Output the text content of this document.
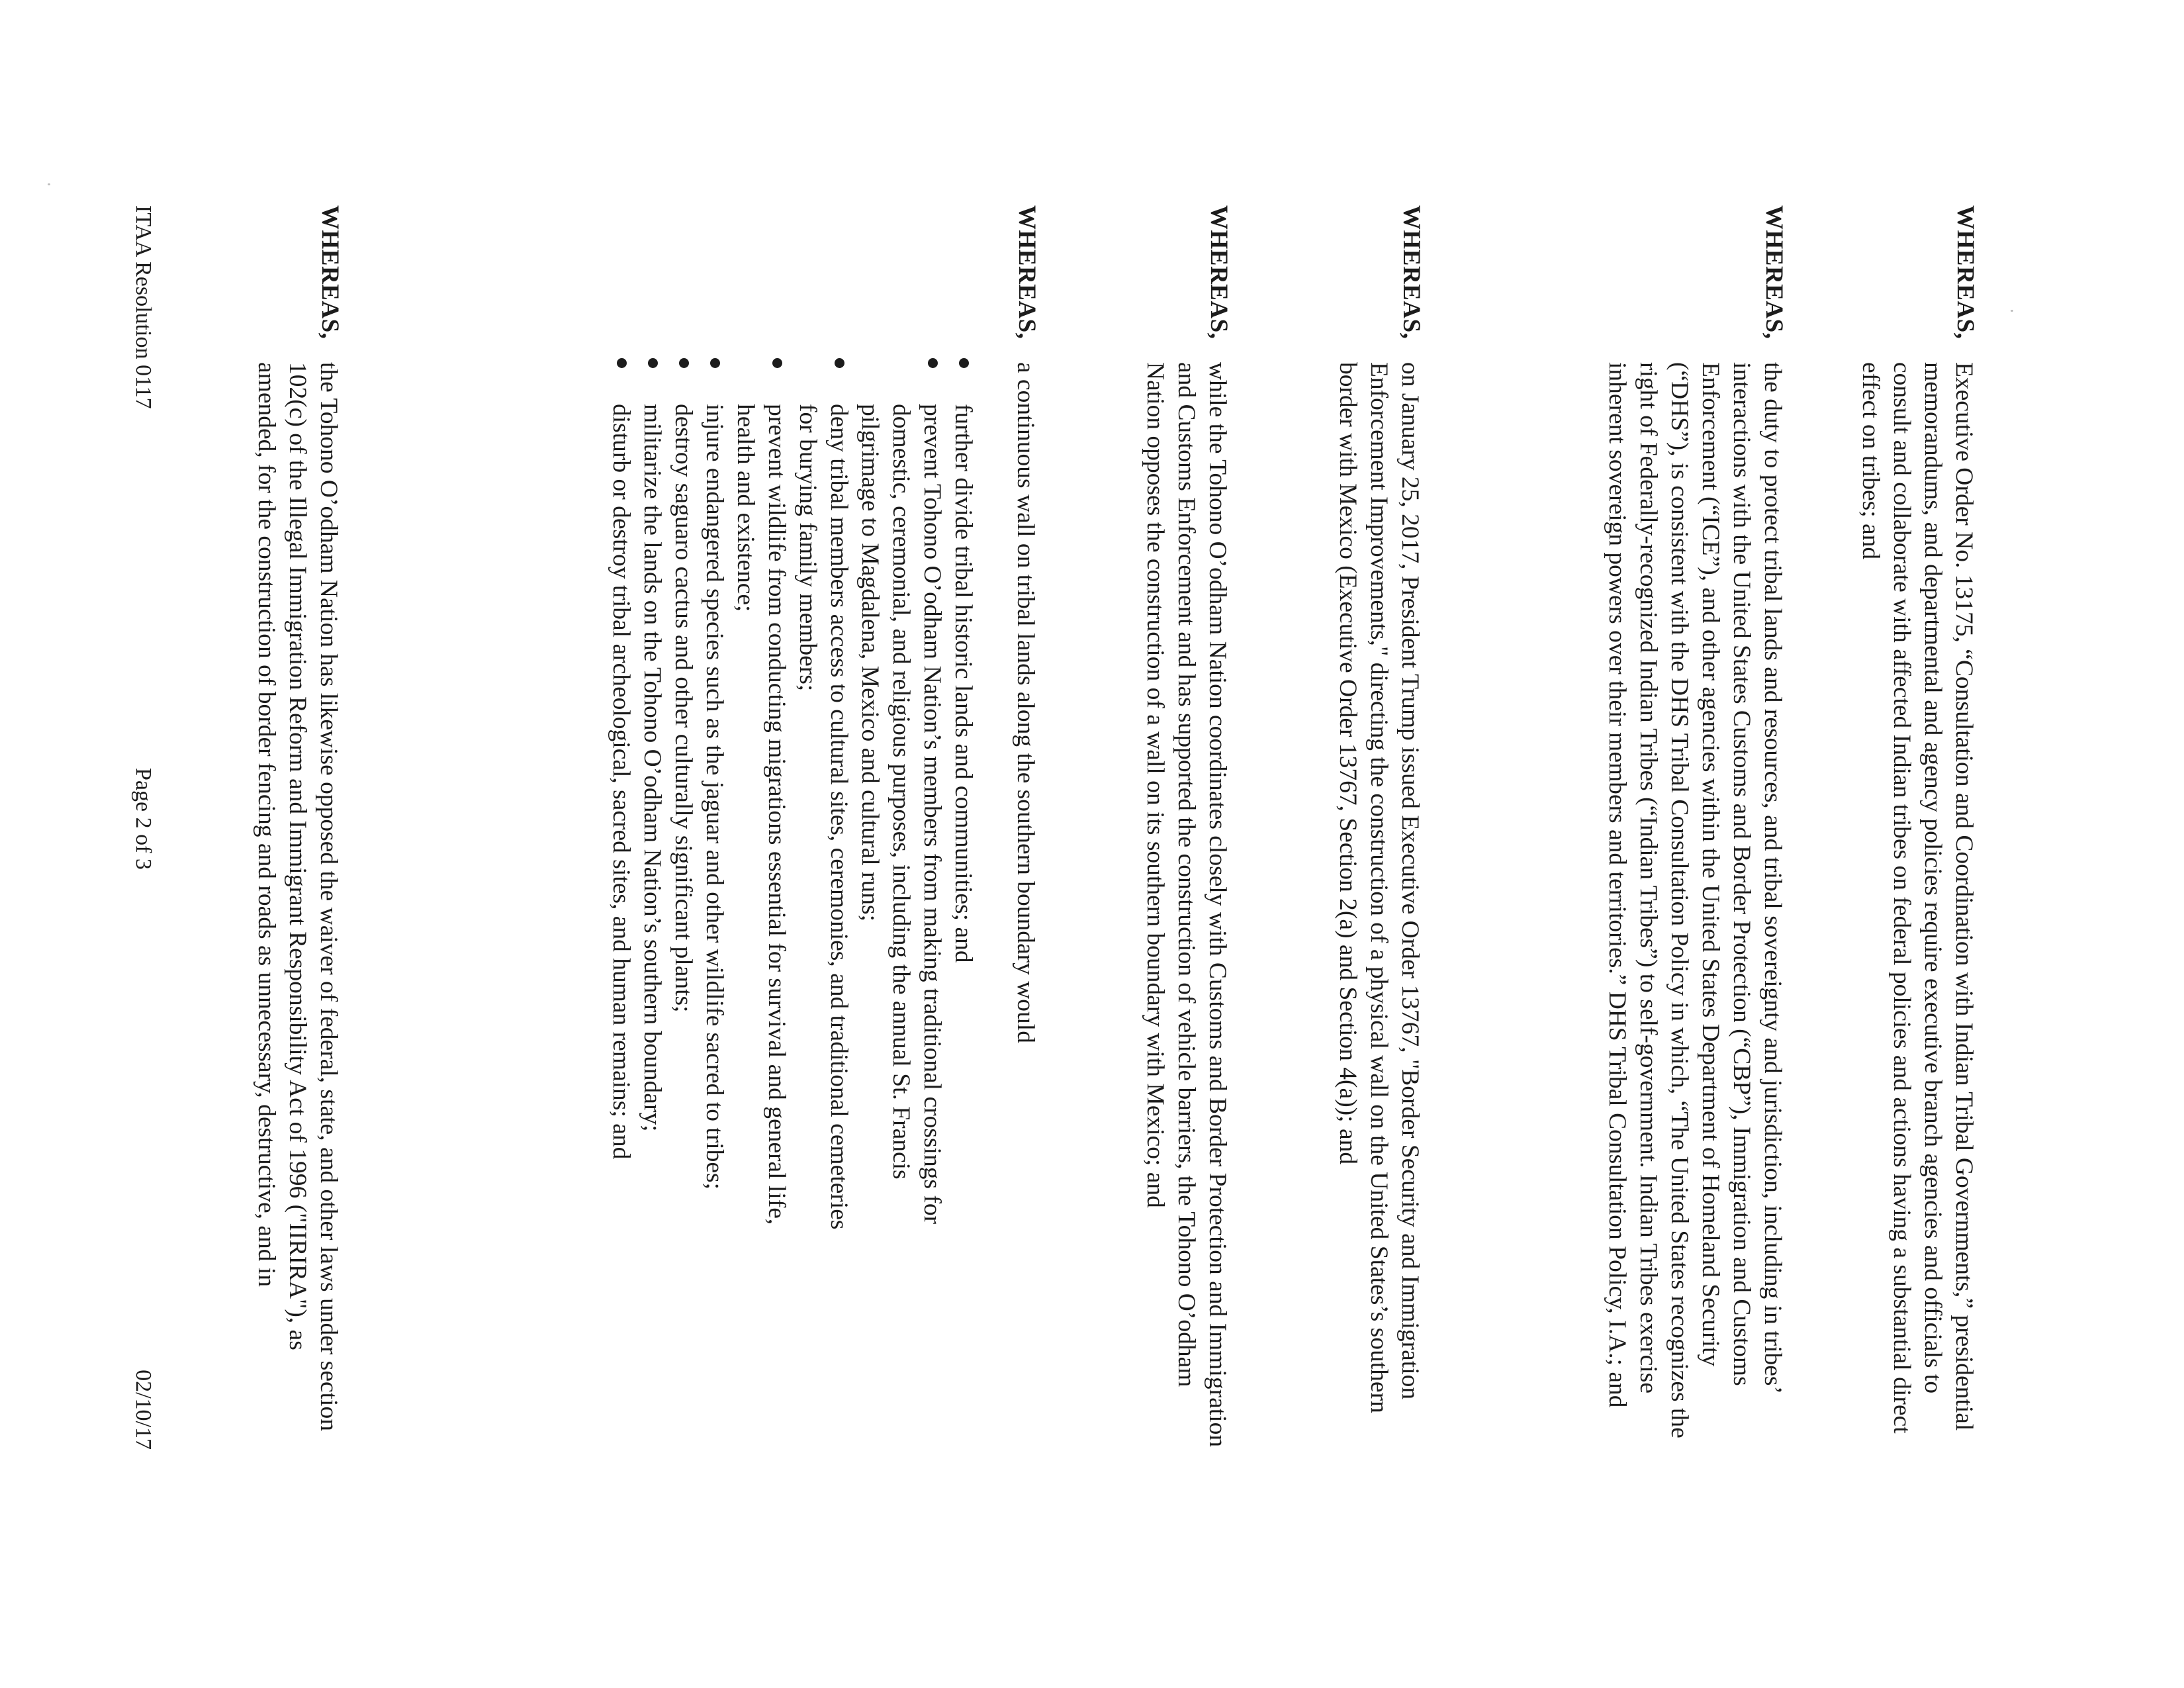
WHEREAS,
Executive Order No. 13175, “Consultation and Coordination with Indian Tribal Governments,” presidential memorandums, and departmental and agency policies require executive branch agencies and officials to consult and collaborate with affected Indian tribes on federal policies and actions having a substantial direct effect on tribes; and
WHEREAS,
the duty to protect tribal lands and resources, and tribal sovereignty and jurisdiction, including in tribes’ interactions with the United States Customs and Border Protection (“CBP”), Immigration and Customs Enforcement (“ICE”), and other agencies within the United States Department of Homeland Security (“DHS”), is consistent with the DHS Tribal Consultation Policy in which, “The United States recognizes the right of Federally-recognized Indian Tribes (“Indian Tribes”) to self-government. Indian Tribes exercise inherent sovereign powers over their members and territories.” DHS Tribal Consultation Policy, I.A.; and
WHEREAS,
on January 25, 2017, President Trump issued Executive Order 13767, "Border Security and Immigration Enforcement Improvements," directing the construction of a physical wall on the United States’s southern border with Mexico (Executive Order 13767, Section 2(a) and Section 4(a)); and
WHEREAS,
while the Tohono O’odham Nation coordinates closely with Customs and Border Protection and Immigration and Customs Enforcement and has supported the construction of vehicle barriers, the Tohono O’odham Nation opposes the construction of a wall on its southern boundary with Mexico; and
WHEREAS,
a continuous wall on tribal lands along the southern boundary would
further divide tribal historic lands and communities; and
prevent Tohono O’odham Nation’s members from making traditional crossings for domestic, ceremonial, and religious purposes, including the annual St. Francis pilgrimage to Magdalena, Mexico and cultural runs;
deny tribal members access to cultural sites, ceremonies, and traditional cemeteries for burying family members;
prevent wildlife from conducting migrations essential for survival and general life, health and existence;
injure endangered species such as the jaguar and other wildlife sacred to tribes;
destroy saguaro cactus and other culturally significant plants;
militarize the lands on the Tohono O’odham Nation’s southern boundary;
disturb or destroy tribal archeological, sacred sites, and human remains; and
WHEREAS,
the Tohono O’odham Nation has likewise opposed the waiver of federal, state, and other laws under section 102(c) of the Illegal Immigration Reform and Immigrant Responsibility Act of 1996 ("IIRIRA"), as amended, for the construction of border fencing and roads as unnecessary, destructive, and in
ITAA Resolution 0117
Page 2 of 3
02/10/17
